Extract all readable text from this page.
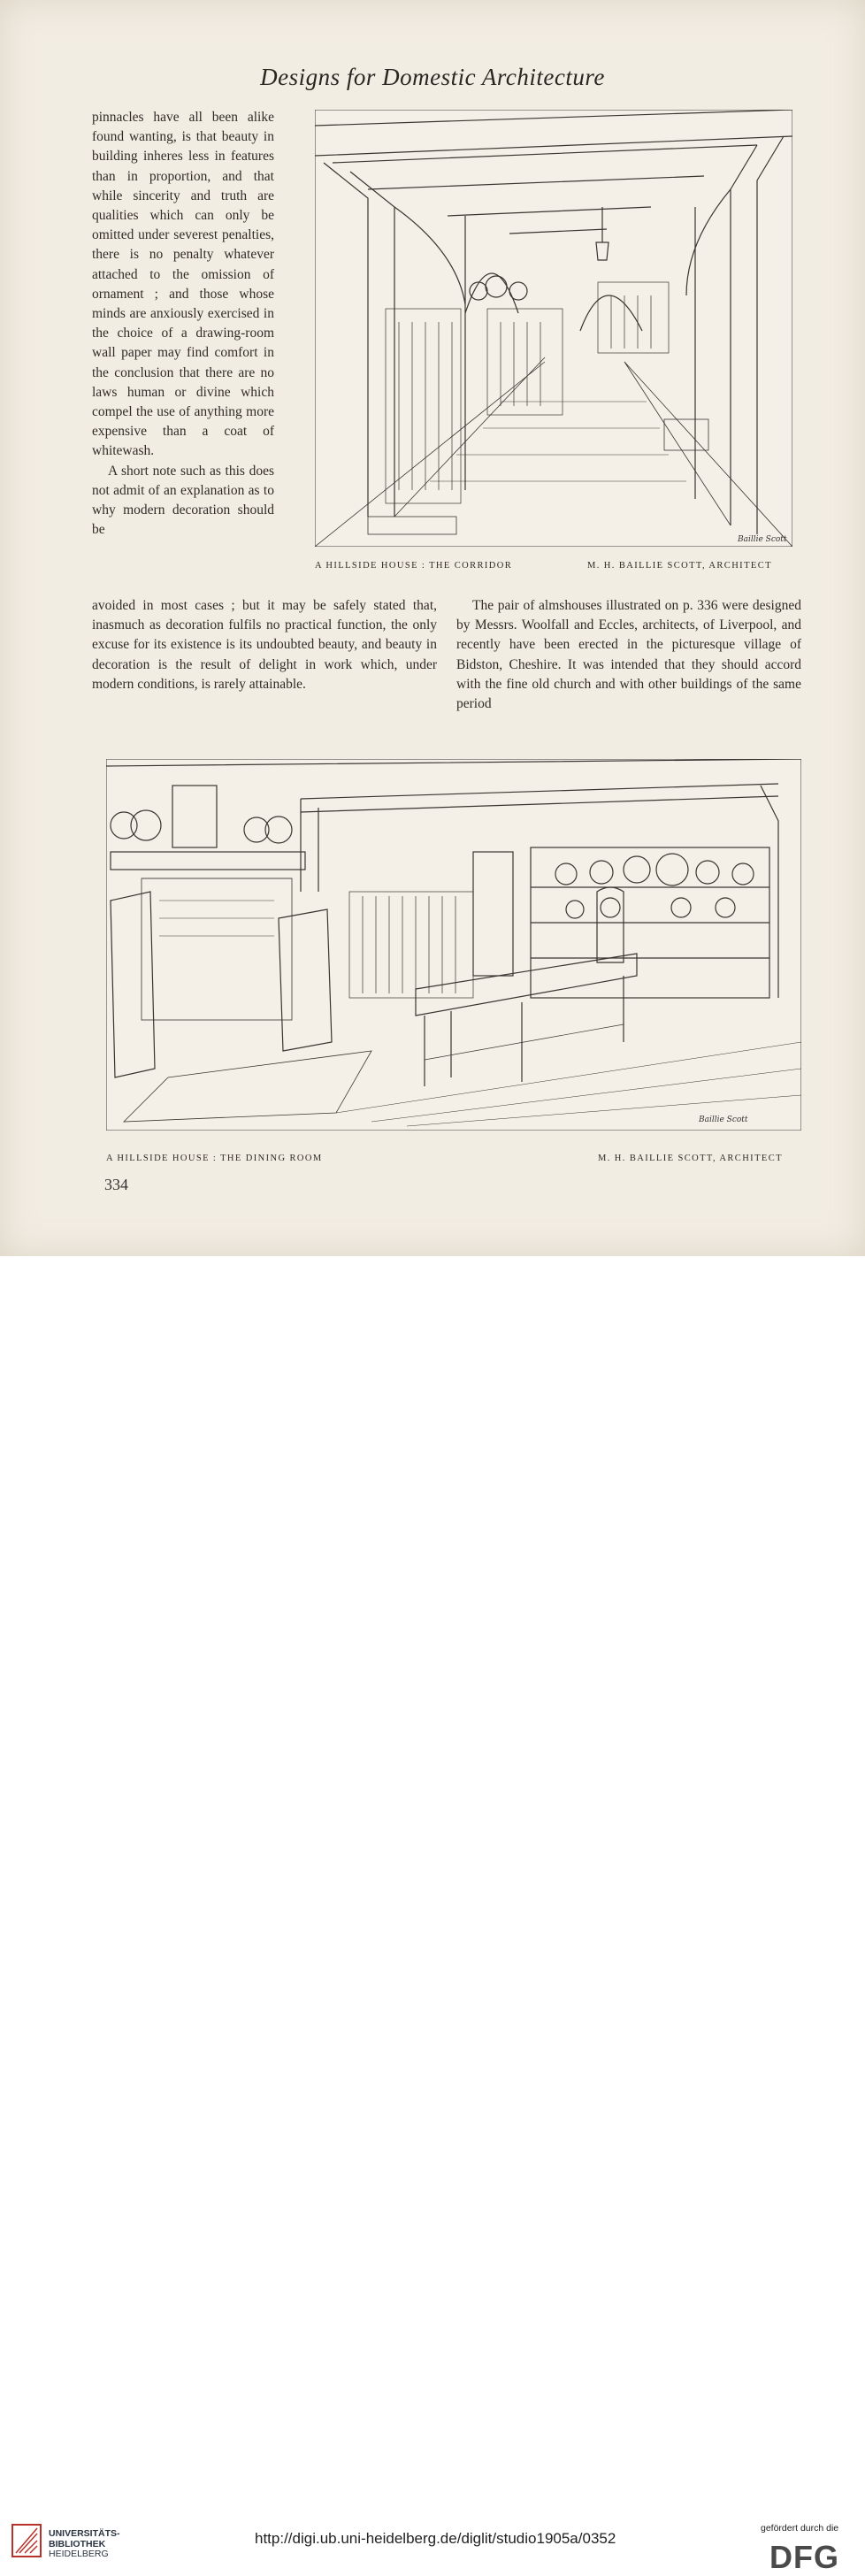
Designs for Domestic Architecture

pinnacles have all been alike found wanting, is that beauty in building inheres less in features than in proportion, and that while sincerity and truth are qualities which can only be omitted under severest penalties, there is no penalty whatever attached to the omission of ornament ; and those whose minds are anxiously exercised in the choice of a drawing-room wall paper may find comfort in the conclusion that there are no laws human or divine which compel the use of anything more expensive than a coat of whitewash.

A short note such as this does not admit of an explanation as to why modern decoration should be

Baillie Scott
A HILLSIDE HOUSE : THE CORRIDOR	M. H. BAILLIE SCOTT, ARCHITECT
avoided in most cases ; but it may be safely stated that, inasmuch as decoration fulfils no practical function, the only excuse for its existence is its undoubted beauty, and beauty in decoration is the result of delight in work which, under modern conditions, is rarely attainable.
The pair of almshouses illustrated on p. 336 were designed by Messrs. Woolfall and Eccles, architects, of Liverpool, and recently have been erected in the picturesque village of Bidston, Cheshire. It was intended that they should accord with the fine old church and with other buildings of the same period
Baillie Scott
A HILLSIDE HOUSE : THE DINING ROOM	M. H. BAILLIE SCOTT, ARCHITECT
334
UNIVERSITÄTS-
BIBLIOTHEK
HEIDELBERG
http://digi.ub.uni-heidelberg.de/diglit/studio1905a/0352
gefördert durch die
DFG
